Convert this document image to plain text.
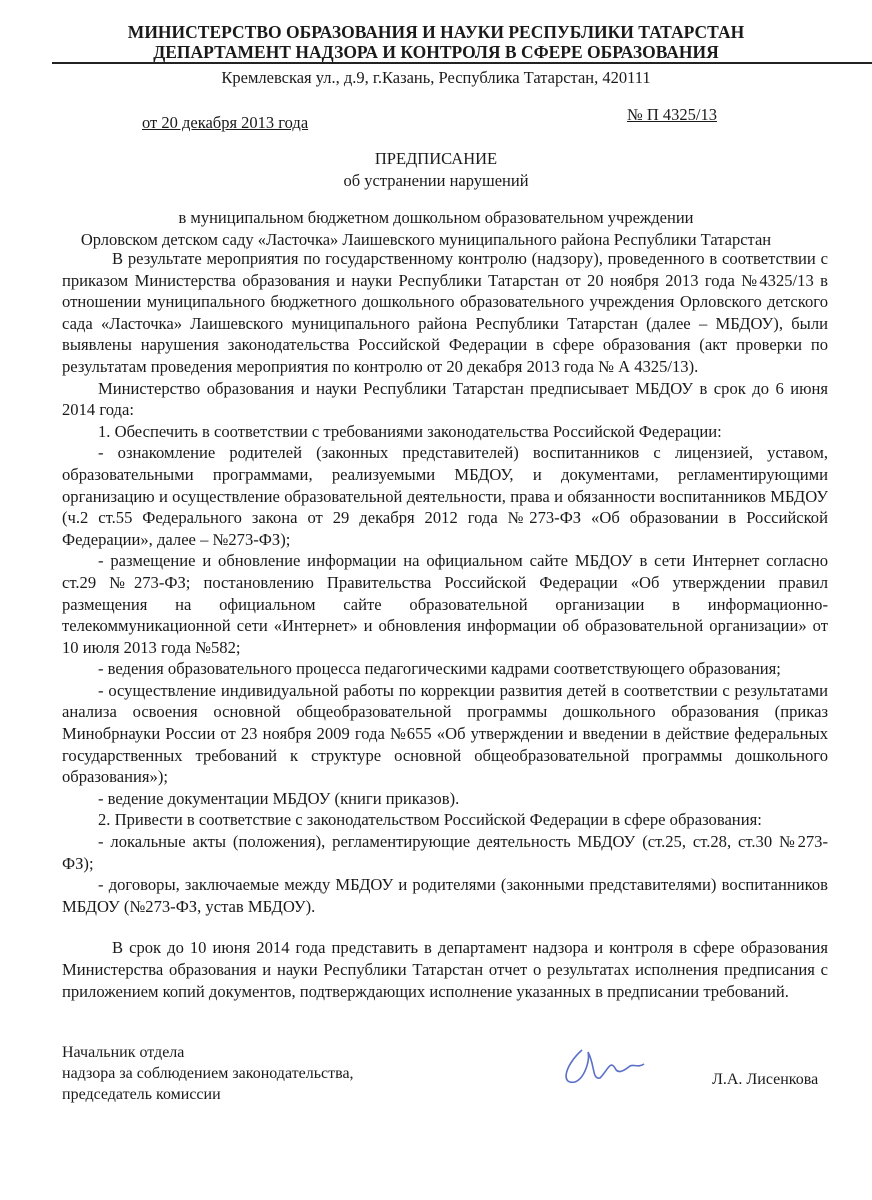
МИНИСТЕРСТВО ОБРАЗОВАНИЯ И НАУКИ РЕСПУБЛИКИ ТАТАРСТАН
ДЕПАРТАМЕНТ НАДЗОРА И КОНТРОЛЯ В СФЕРЕ ОБРАЗОВАНИЯ
Кремлевская ул., д.9, г.Казань, Республика Татарстан, 420111
от 20 декабря 2013 года	№ П 4325/13
ПРЕДПИСАНИЕ
об устранении нарушений
в муниципальном бюджетном дошкольном образовательном учреждении
Орловском детском саду «Ласточка» Лаишевского муниципального района Республики Татарстан

В результате мероприятия по государственному контролю (надзору), проведенного в соответствии с приказом Министерства образования и науки Республики Татарстан от 20 ноября 2013 года №4325/13 в отношении муниципального бюджетного дошкольного образовательного учреждения Орловского детского сада «Ласточка» Лаишевского муниципального района Республики Татарстан (далее – МБДОУ), были выявлены нарушения законодательства Российской Федерации в сфере образования (акт проверки по результатам проведения мероприятия по контролю от 20 декабря 2013 года № А 4325/13).

Министерство образования и науки Республики Татарстан предписывает МБДОУ в срок до 6 июня 2014 года:

1. Обеспечить в соответствии с требованиями законодательства Российской Федерации:

- ознакомление родителей (законных представителей) воспитанников с лицензией, уставом, образовательными программами, реализуемыми МБДОУ, и документами, регламентирующими организацию и осуществление образовательной деятельности, права и обязанности воспитанников МБДОУ (ч.2 ст.55 Федерального закона от 29 декабря 2012 года №273-ФЗ «Об образовании в Российской Федерации», далее – №273-ФЗ);

- размещение и обновление информации на официальном сайте МБДОУ в сети Интернет согласно ст.29 №273-ФЗ; постановлению Правительства Российской Федерации «Об утверждении правил размещения на официальном сайте образовательной организации в информационно-телекоммуникационной сети «Интернет» и обновления информации об образовательной организации» от 10 июля 2013 года №582;

- ведения образовательного процесса педагогическими кадрами соответствующего образования;

- осуществление индивидуальной работы по коррекции развития детей в соответствии с результатами анализа освоения основной общеобразовательной программы дошкольного образования (приказ Минобрнауки России от 23 ноября 2009 года №655 «Об утверждении и введении в действие федеральных государственных требований к структуре основной общеобразовательной программы дошкольного образования»);

- ведение документации МБДОУ (книги приказов).

2. Привести в соответствие с законодательством Российской Федерации в сфере образования:

- локальные акты (положения), регламентирующие деятельность МБДОУ (ст.25, ст.28, ст.30 №273-ФЗ);

- договоры, заключаемые между МБДОУ и родителями (законными представителями) воспитанников МБДОУ (№273-ФЗ, устав МБДОУ).

В срок до 10 июня 2014 года представить в департамент надзора и контроля в сфере образования Министерства образования и науки Республики Татарстан отчет о результатах исполнения предписания с приложением копий документов, подтверждающих исполнение указанных в предписании требований.

Начальник отдела
надзора за соблюдением законодательства,
председатель комиссии
Л.А. Лисенкова
